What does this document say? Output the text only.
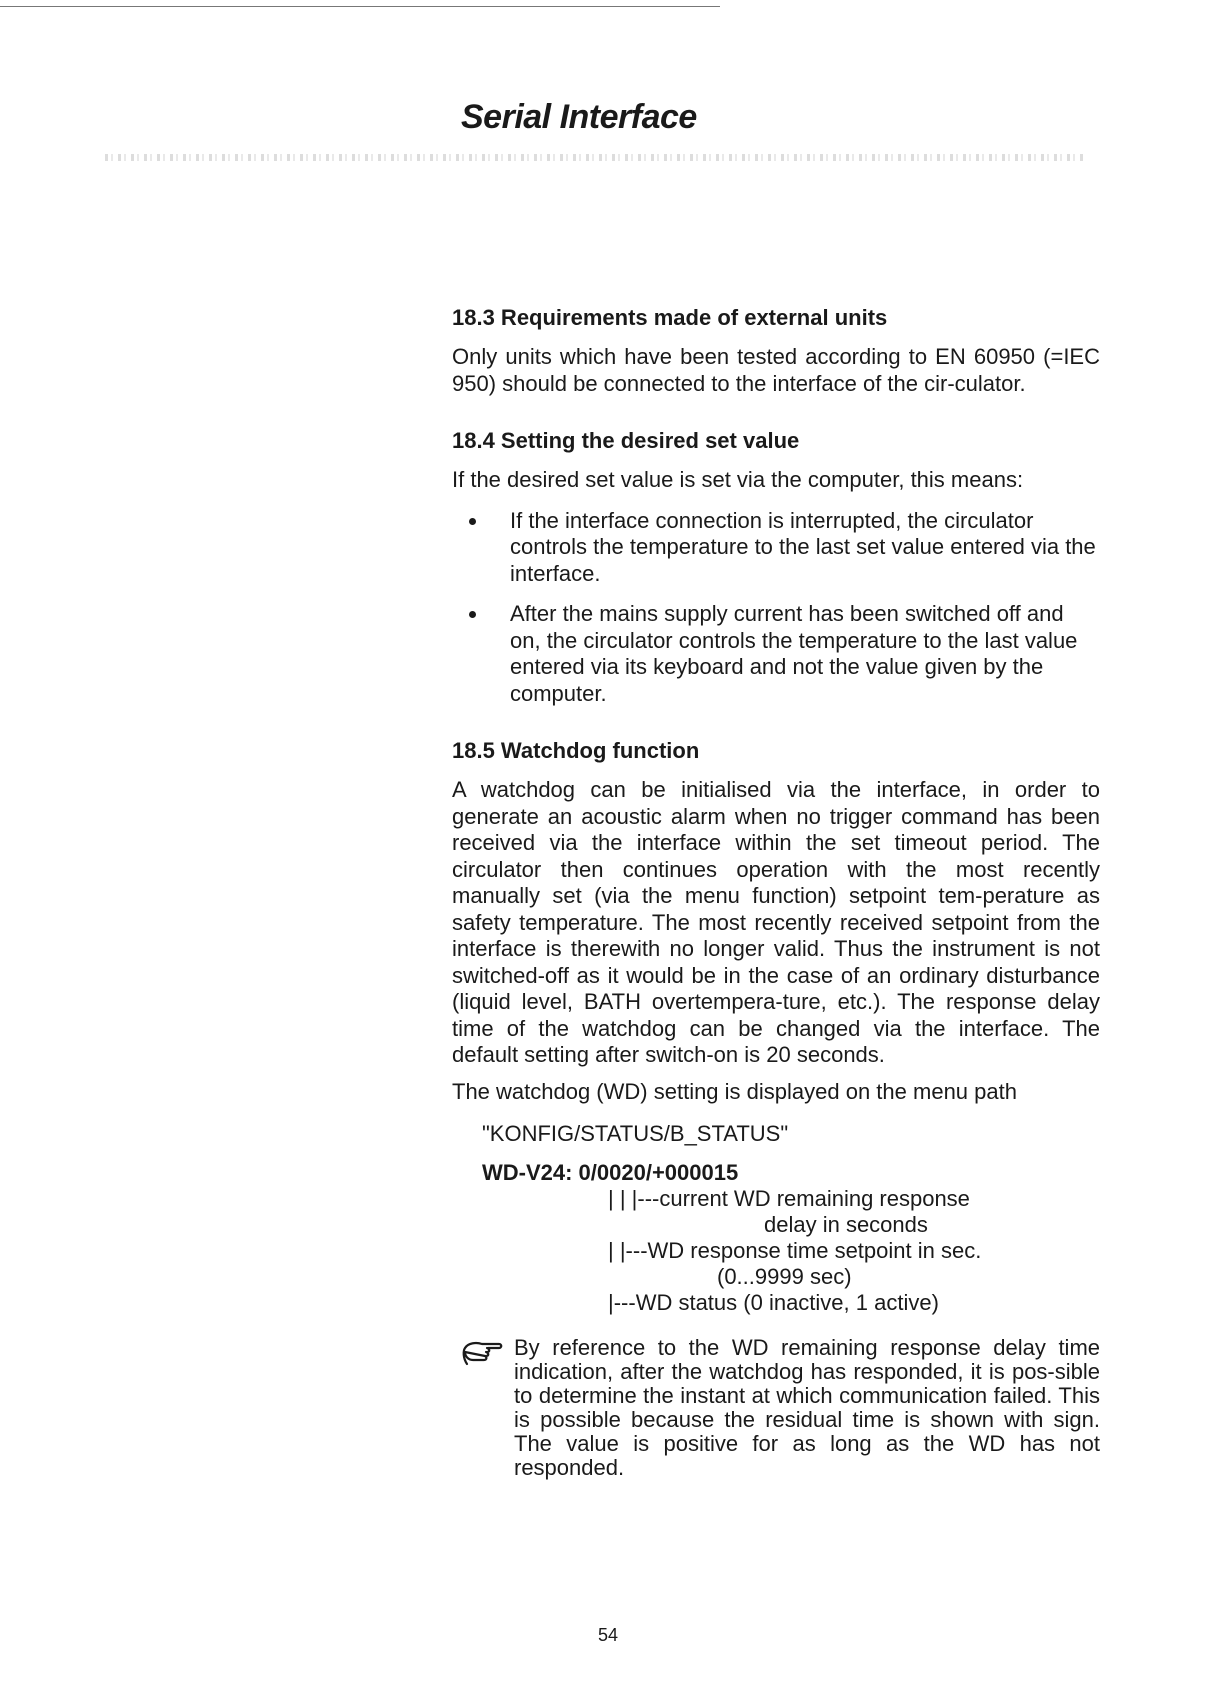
Serial Interface
18.3 Requirements made of external units

Only units which have been tested according to EN 60950 (=IEC 950) should be connected to the interface of the cir-culator.

18.4 Setting the desired set value

If the desired set value is set via the computer, this means:

If the interface connection is interrupted, the circulator controls the temperature to the last set value entered via the interface.
After the mains supply current has been switched off and on, the circulator controls the temperature to the last value entered via its keyboard and not the value given by the computer.
18.5 Watchdog function

A watchdog can be initialised via the interface, in order to generate an acoustic alarm when no trigger command has been received via the interface within the set timeout period. The circulator then continues operation with the most recently manually set (via the menu function) setpoint tem-perature as safety temperature. The most recently received setpoint from the interface is therewith no longer valid. Thus the instrument is not switched-off as it would be in the case of an ordinary disturbance (liquid level, BATH overtempera-ture, etc.). The response delay time of the watchdog can be changed via the interface. The default setting after switch-on is 20 seconds.

The watchdog (WD) setting is displayed on the menu path

"KONFIG/STATUS/B_STATUS"

WD-V24: 0/0020/+000015

| | |---current WD remaining response
delay in seconds
| |---WD response time setpoint in sec.
(0...9999 sec)
|---WD status (0 inactive, 1 active)

By reference to the WD remaining response delay time indication, after the watchdog has responded, it is pos-sible to determine the instant at which communication failed. This is possible because the residual time is shown with sign. The value is positive for as long as the WD has not responded.

54
